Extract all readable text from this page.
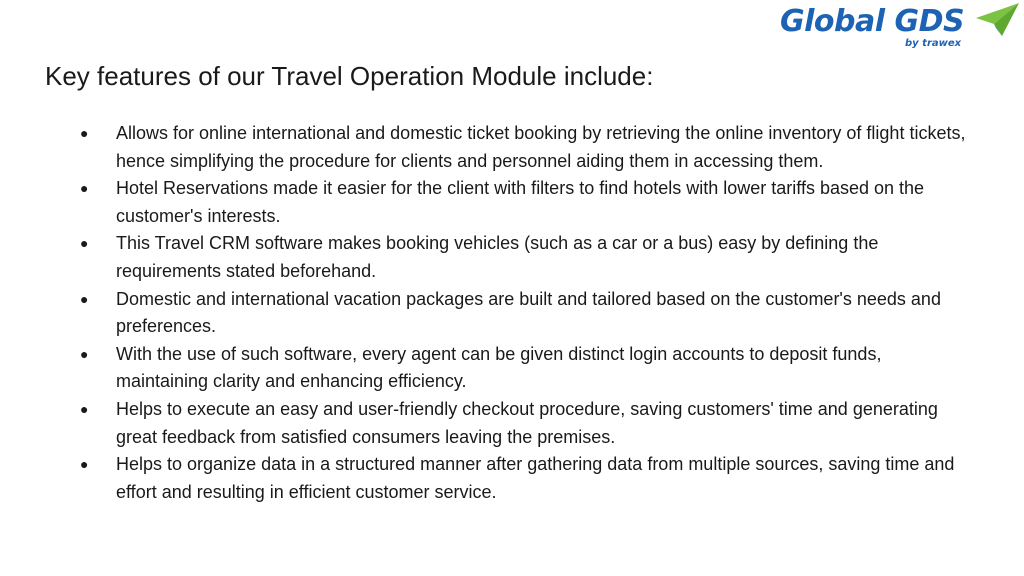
Global GDS
by trawex
Key features of our Travel Operation Module include:
● Allows for online international and domestic ticket booking by retrieving the online inventory of flight tickets, hence simplifying the procedure for clients and personnel aiding them in accessing them.
● Hotel Reservations made it easier for the client with filters to find hotels with lower tariffs based on the customer's interests.
● This Travel CRM software makes booking vehicles (such as a car or a bus) easy by defining the requirements stated beforehand.
● Domestic and international vacation packages are built and tailored based on the customer's needs and preferences.
● With the use of such software, every agent can be given distinct login accounts to deposit funds, maintaining clarity and enhancing efficiency.
● Helps to execute an easy and user-friendly checkout procedure, saving customers' time and generating great feedback from satisfied consumers leaving the premises.
● Helps to organize data in a structured manner after gathering data from multiple sources, saving time and effort and resulting in efficient customer service.
